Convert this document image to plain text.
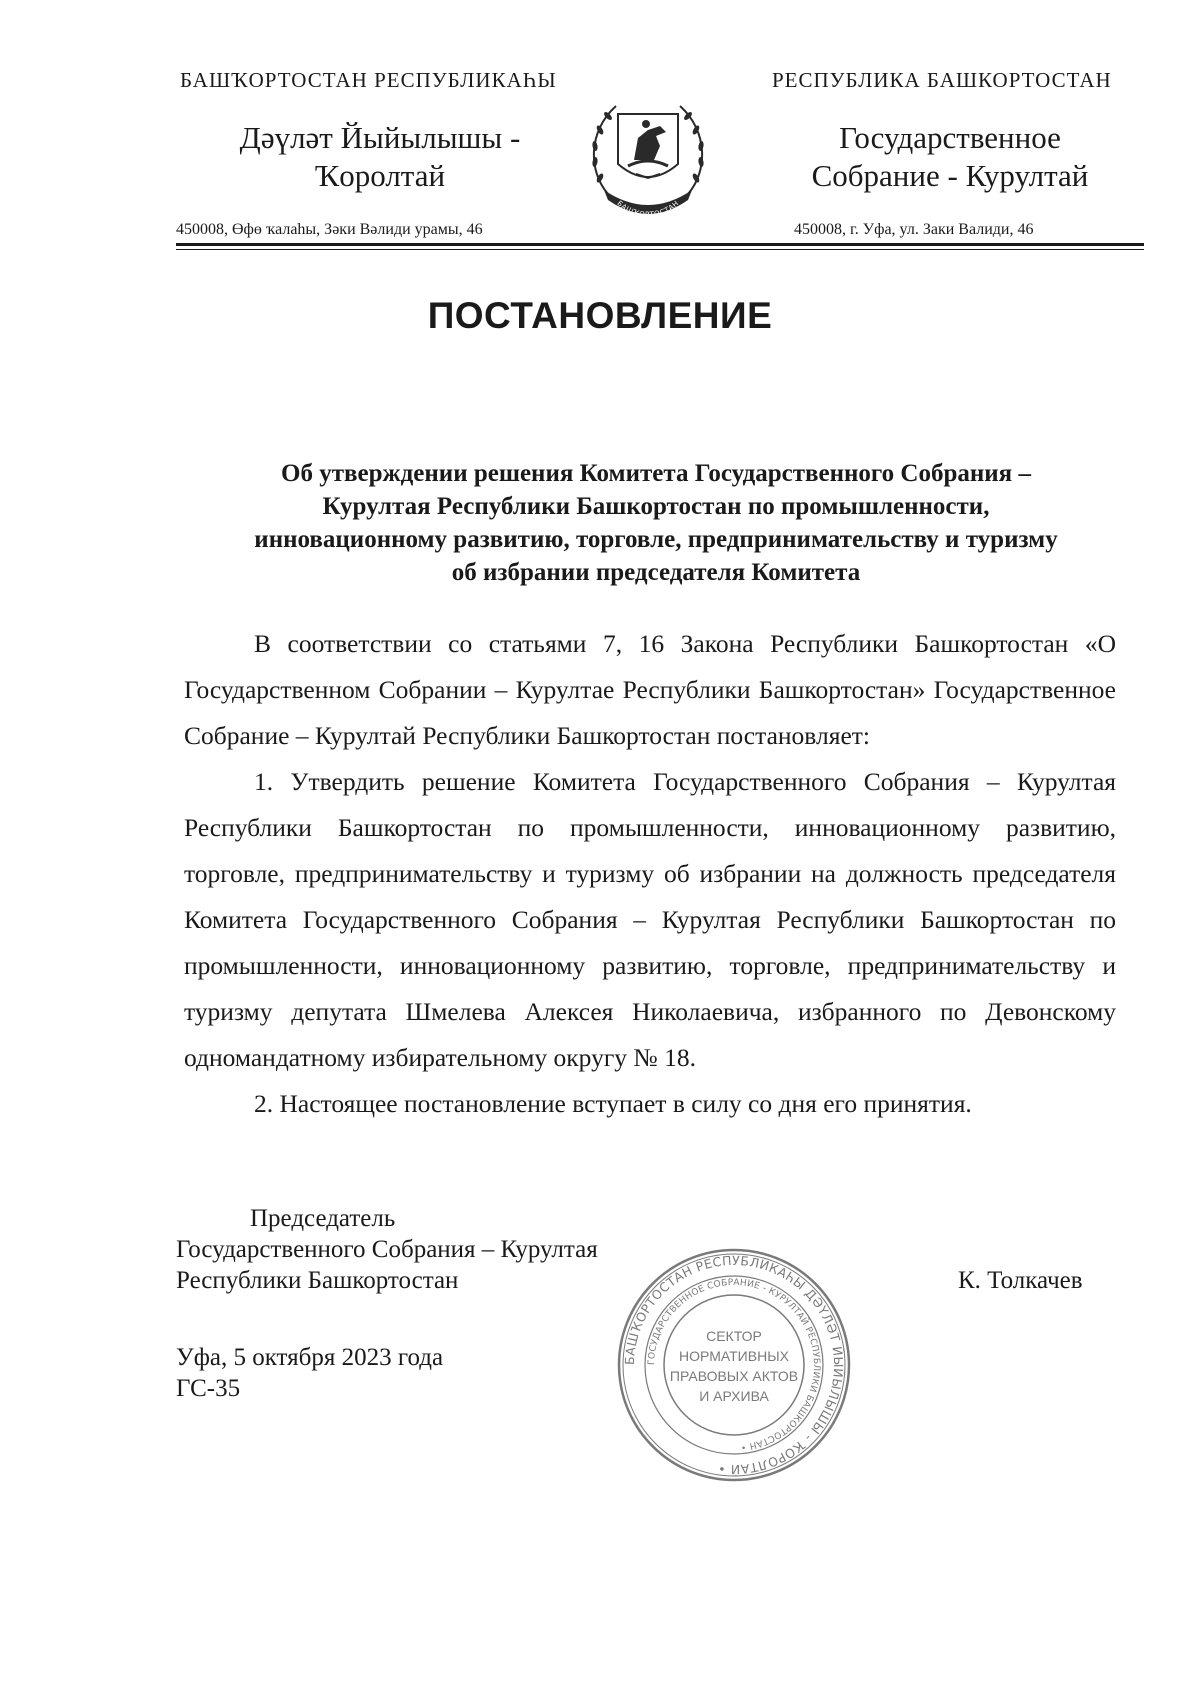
БАШҠОРТОСТАН РЕСПУБЛИКАҺЫ	РЕСПУБЛИКА БАШКОРТОСТАН
Дәүләт Йыйылышы -
Ҡоролтай
Государственное
Собрание - Курултай
450008, Өфө ҡалаһы, Зәки Вәлиди урамы, 46	450008, г. Уфа, ул. Заки Валиди, 46
БАШҠОРТОСТАН
ПОСТАНОВЛЕНИЕ
Об утверждении решения Комитета Государственного Собрания –
Курултая Республики Башкортостан по промышленности,
инновационному развитию, торговле, предпринимательству и туризму
об избрании председателя Комитета

В соответствии со статьями 7, 16 Закона Республики Башкортостан «О Государственном Собрании – Курултае Республики Башкортостан» Государственное Собрание – Курултай Республики Башкортостан постановляет:

1. Утвердить решение Комитета Государственного Собрания – Курултая Республики Башкортостан по промышленности, инновационному развитию, торговле, предпринимательству и туризму об избрании на должность председателя Комитета Государственного Собрания – Курултая Республики Башкортостан по промышленности, инновационному развитию, торговле, предпринимательству и туризму депутата Шмелева Алексея Николаевича, избранного по Девонскому одномандатному избирательному округу № 18.

2. Настоящее постановление вступает в силу со дня его принятия.

Председатель
Государственного Собрания – Курултая
Республики Башкортостан	К. Толкачев
Уфа, 5 октября 2023 года
ГС-35
БАШҠОРТОСТАН РЕСПУБЛИКАҺЫ ДӘҮЛӘТ ЙЫЙЫЛЫШЫ - ҠОРОЛТАЙ •
ГОСУДАРСТВЕННОЕ СОБРАНИЕ - КУРУЛТАЙ РЕСПУБЛИКИ БАШКОРТОСТАН •
СЕКТОР
НОРМАТИВНЫХ
ПРАВОВЫХ АКТОВ
И АРХИВА
